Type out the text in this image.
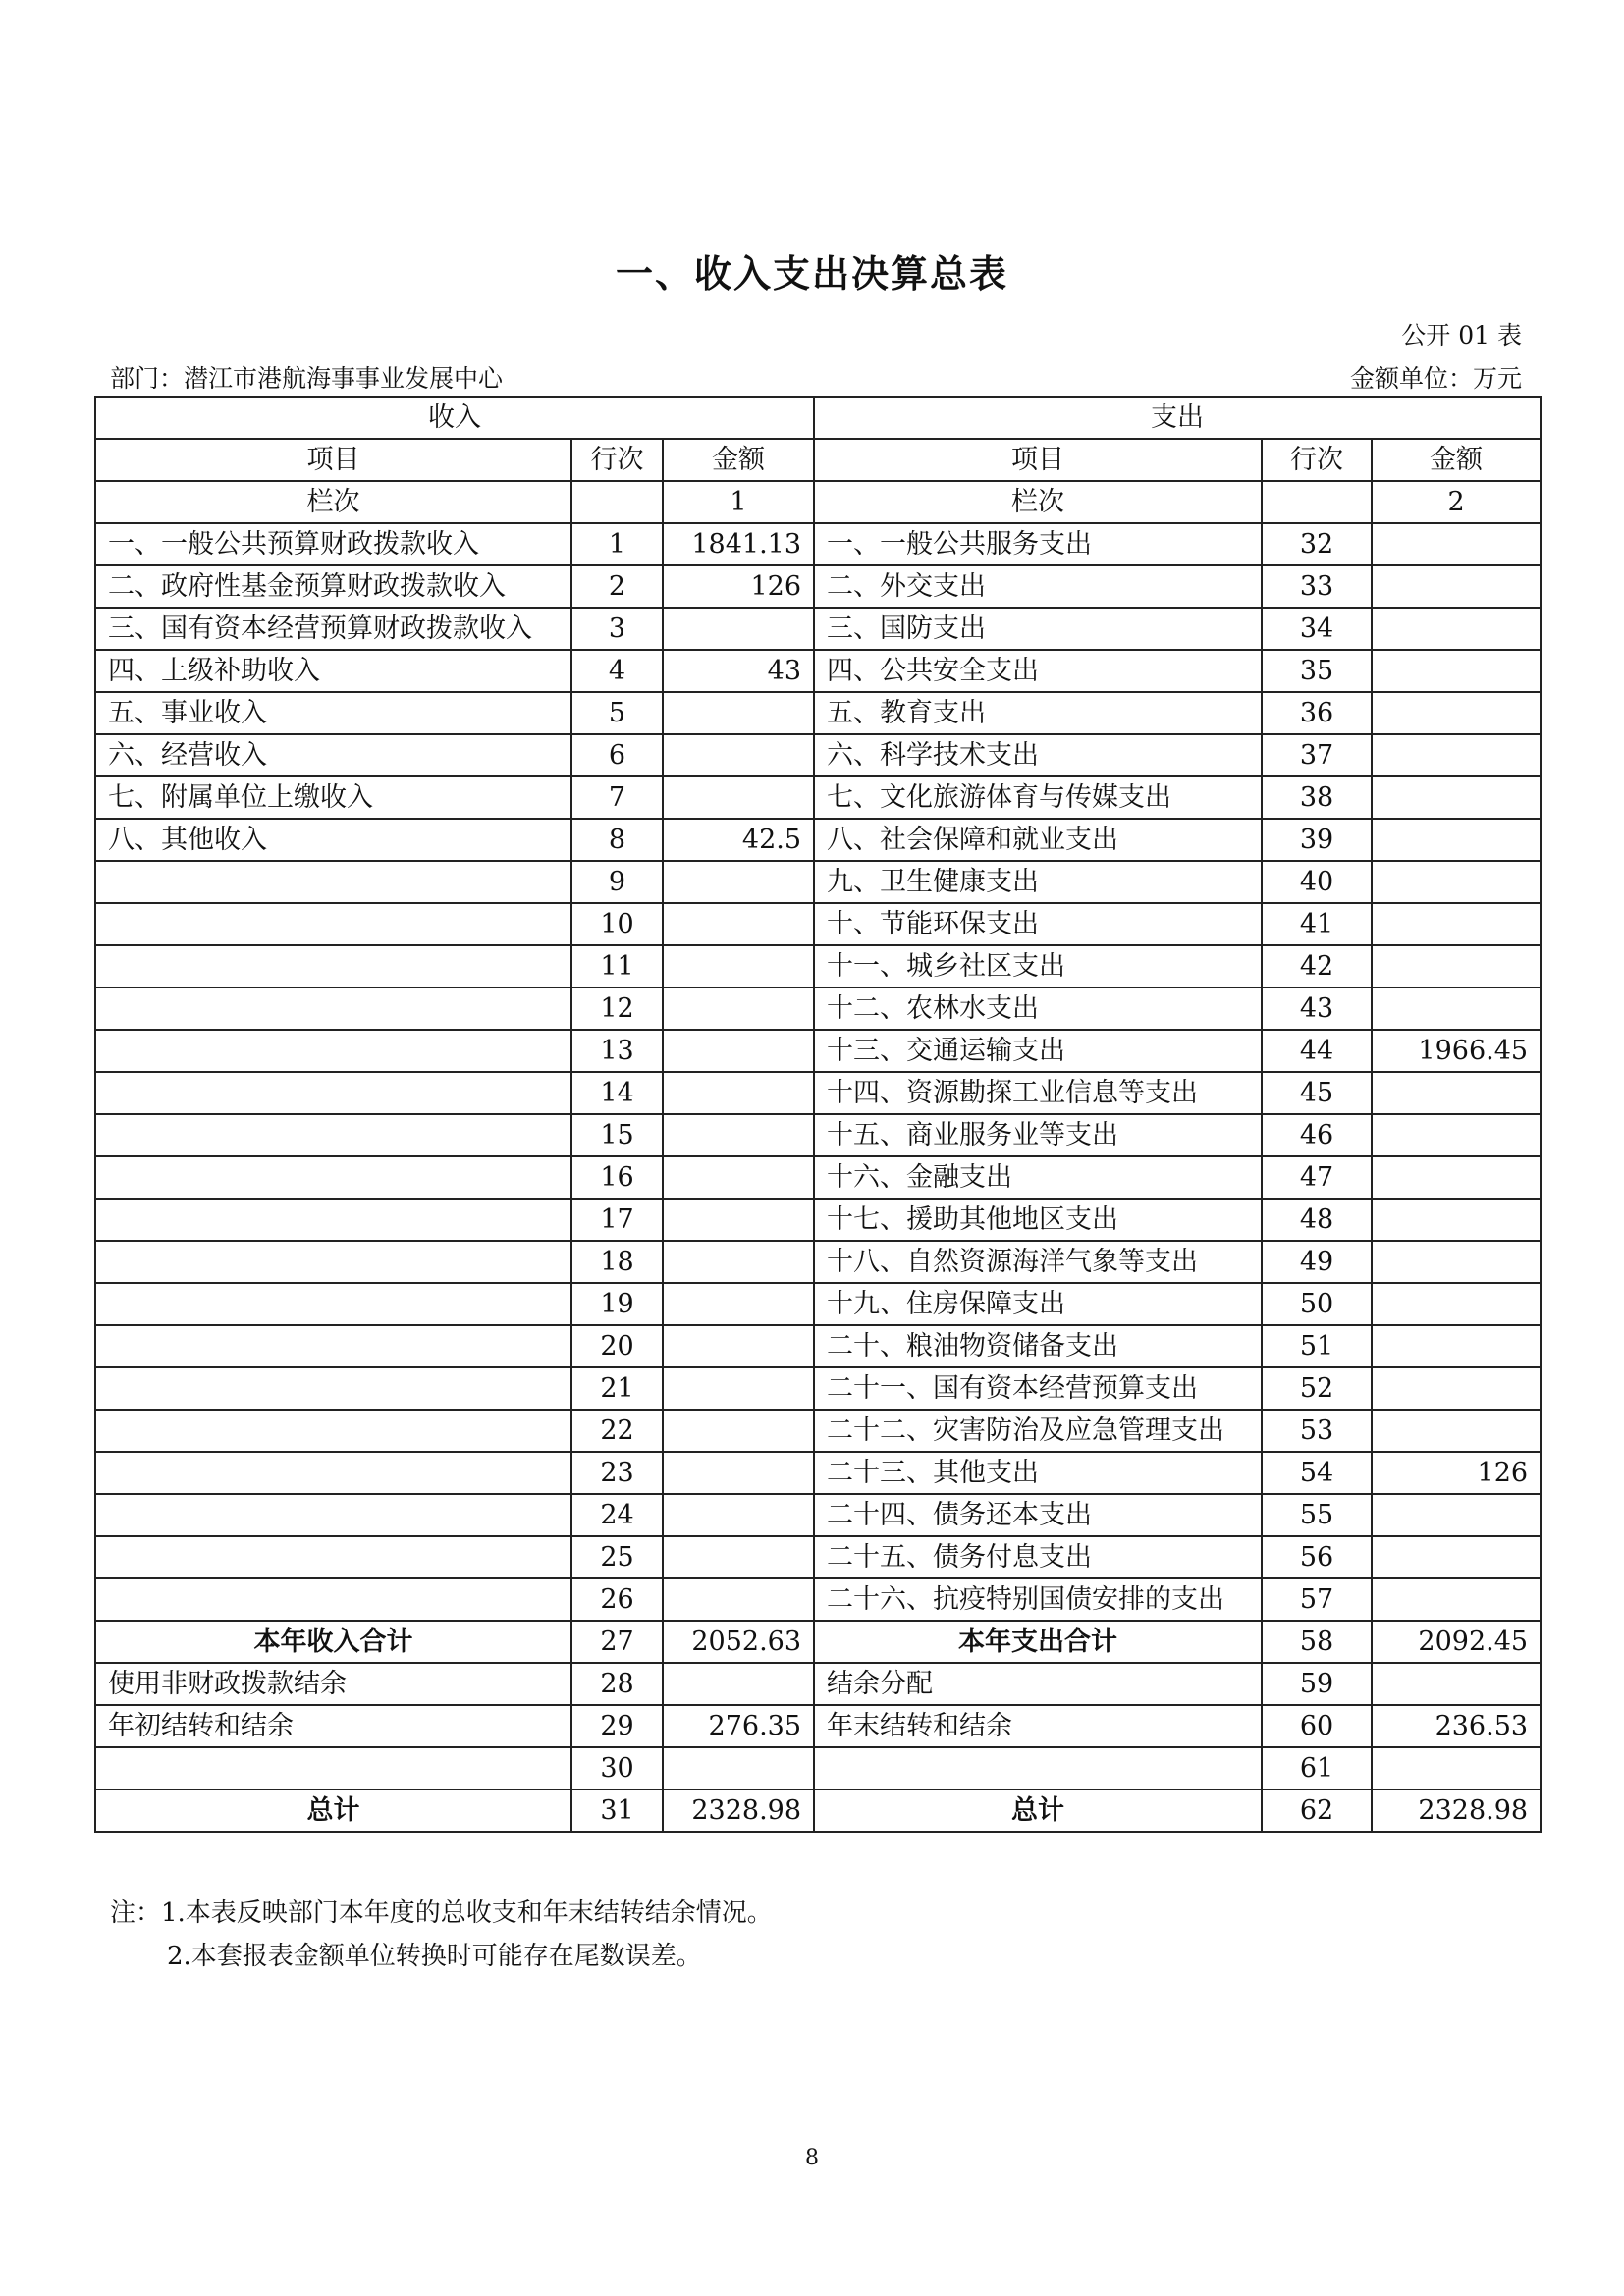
一、收入支出决算总表
公开 01 表
部门：潜江市港航海事事业发展中心	金额单位：万元
收入			支出		
项目	行次	金额	项目	行次	金额
栏次		1	栏次		2
一、一般公共预算财政拨款收入	1	1841.13	一、一般公共服务支出	32	
二、政府性基金预算财政拨款收入	2	126	二、外交支出	33	
三、国有资本经营预算财政拨款收入	3		三、国防支出	34	
四、上级补助收入	4	43	四、公共安全支出	35	
五、事业收入	5		五、教育支出	36	
六、经营收入	6		六、科学技术支出	37	
七、附属单位上缴收入	7		七、文化旅游体育与传媒支出	38	
八、其他收入	8	42.5	八、社会保障和就业支出	39	
	9		九、卫生健康支出	40	
	10		十、节能环保支出	41	
	11		十一、城乡社区支出	42	
	12		十二、农林水支出	43	
	13		十三、交通运输支出	44	1966.45
	14		十四、资源勘探工业信息等支出	45	
	15		十五、商业服务业等支出	46	
	16		十六、金融支出	47	
	17		十七、援助其他地区支出	48	
	18		十八、自然资源海洋气象等支出	49	
	19		十九、住房保障支出	50	
	20		二十、粮油物资储备支出	51	
	21		二十一、国有资本经营预算支出	52	
	22		二十二、灾害防治及应急管理支出	53	
	23		二十三、其他支出	54	126
	24		二十四、债务还本支出	55	
	25		二十五、债务付息支出	56	
	26		二十六、抗疫特别国债安排的支出	57	
本年收入合计	27	2052.63	本年支出合计	58	2092.45
使用非财政拨款结余	28		结余分配	59	
年初结转和结余	29	276.35	年末结转和结余	60	236.53
	30			61	
总计	31	2328.98	总计	62	2328.98
注：1.本表反映部门本年度的总收支和年末结转结余情况。
2.本套报表金额单位转换时可能存在尾数误差。
8
